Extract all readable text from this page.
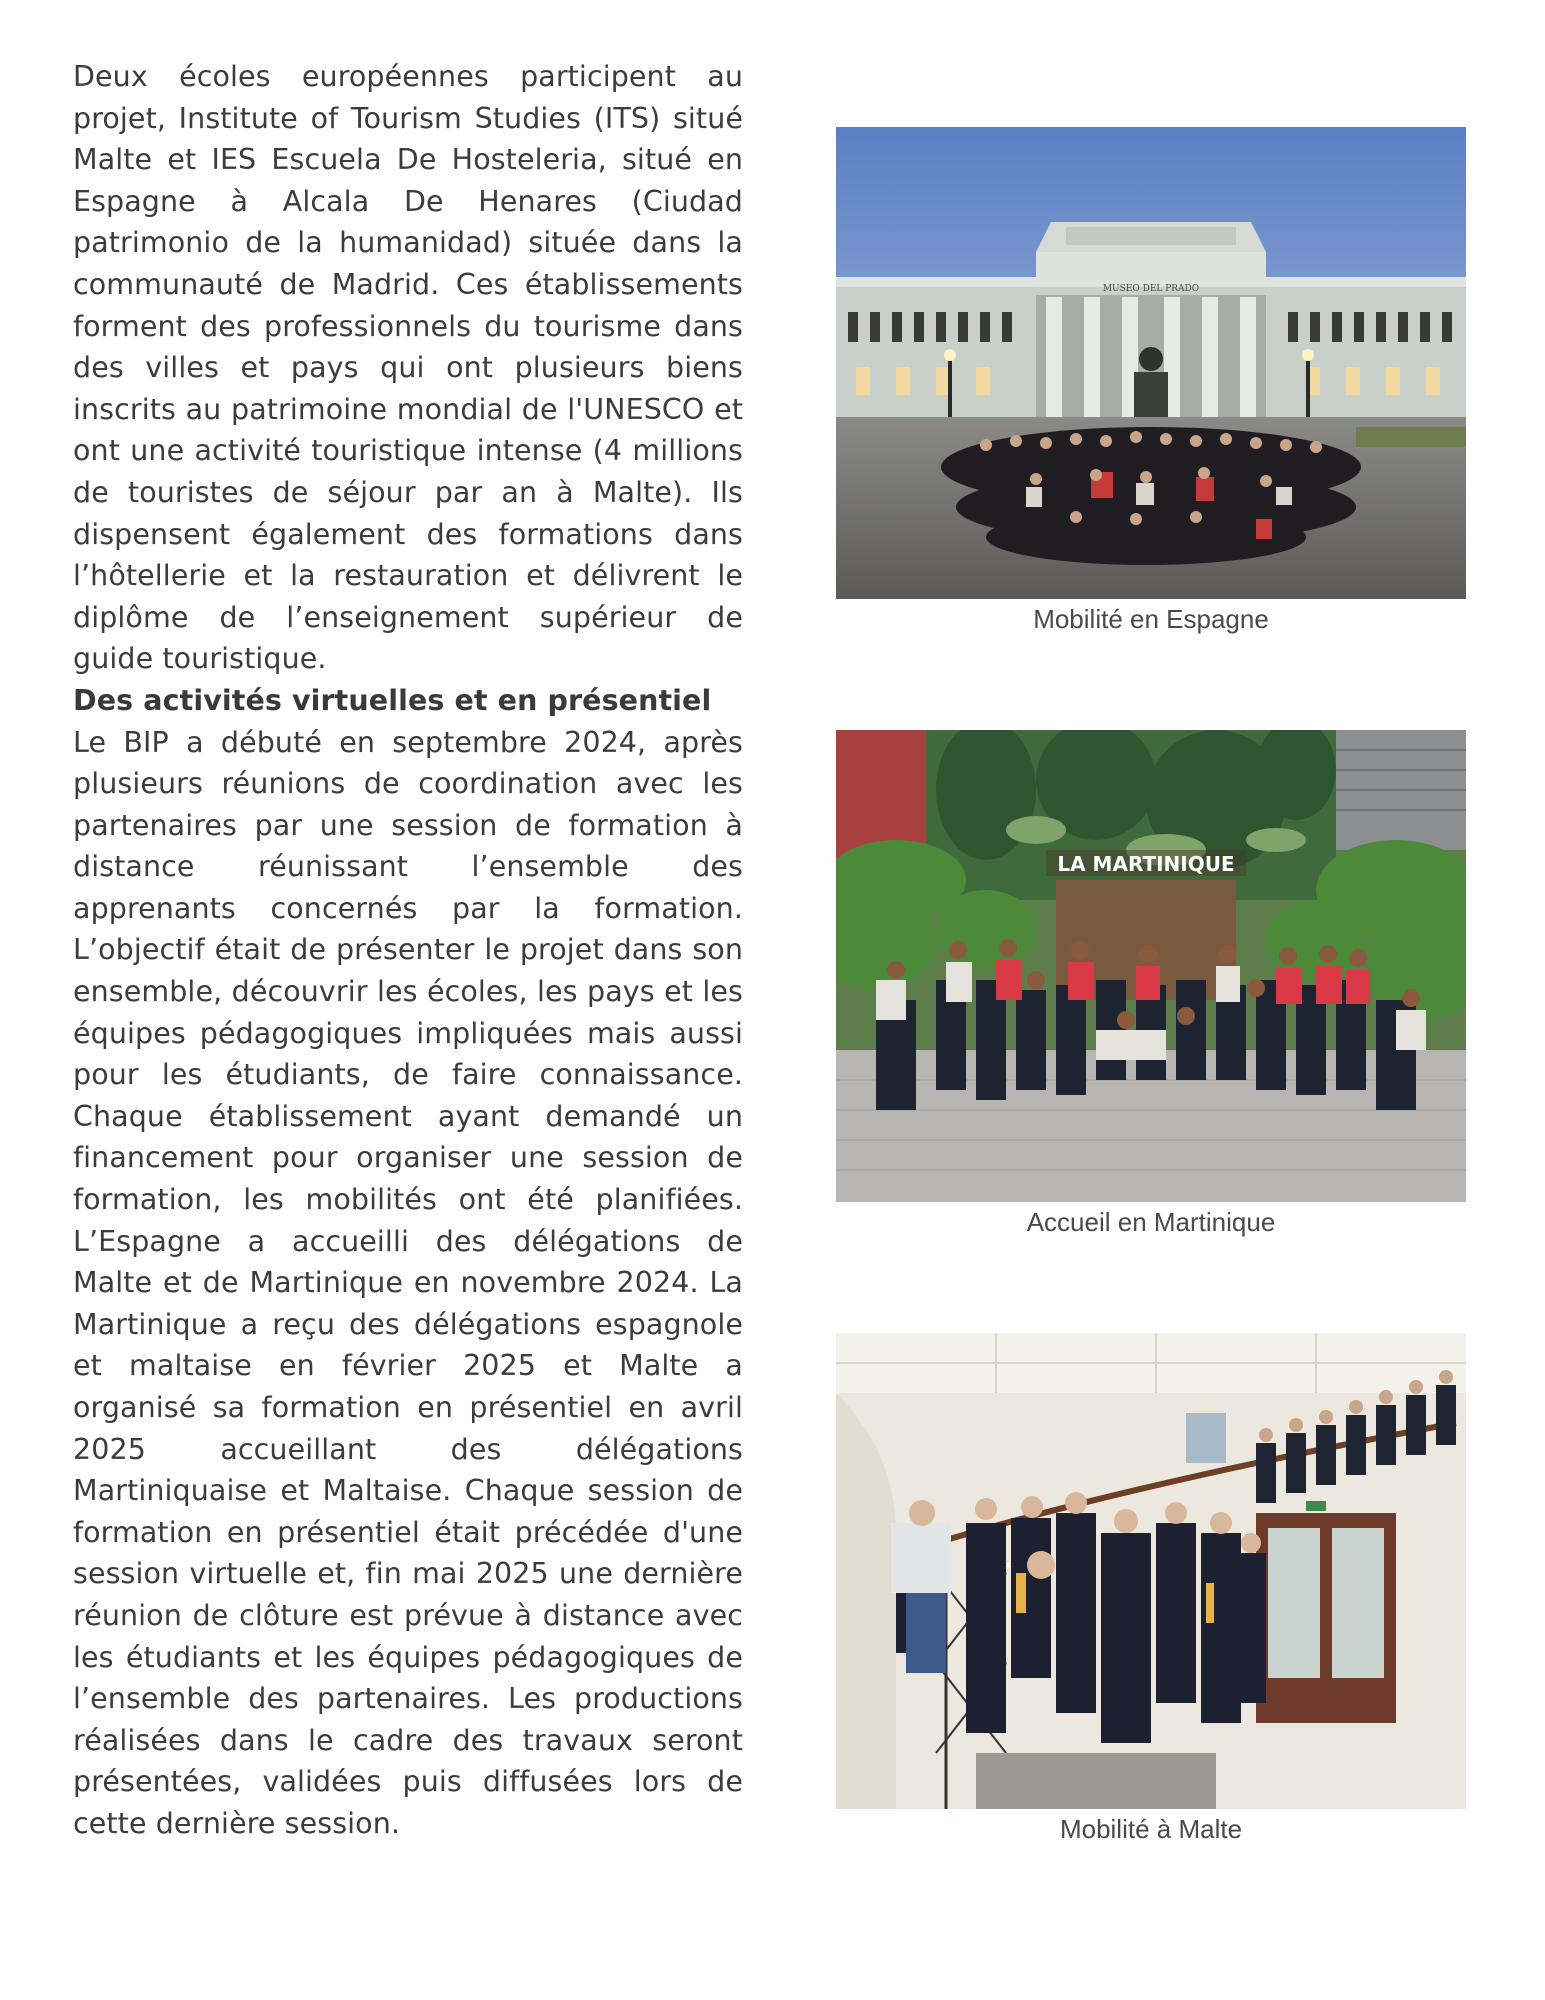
Deux écoles européennes participent au projet, Institute of Tourism Studies (ITS) situé Malte et IES Escuela De Hosteleria, situé en Espagne à Alcala De Henares (Ciudad patrimonio de la humanidad) située dans la communauté de Madrid. Ces établissements forment des professionnels du tourisme dans des villes et pays qui ont plusieurs biens inscrits au patrimoine mondial de l'UNESCO et ont une activité touristique intense (4 millions de touristes de séjour par an à Malte). Ils dispensent également des formations dans l’hôtellerie et la restauration et délivrent le diplôme de l’enseignement supérieur de guide touristique.

Des activités virtuelles et en présentiel

Le BIP a débuté en septembre 2024, après plusieurs réunions de coordination avec les partenaires par une session de formation à distance réunissant l’ensemble des apprenants concernés par la formation. L’objectif était de présenter le projet dans son ensemble, découvrir les écoles, les pays et les équipes pédagogiques impliquées mais aussi pour les étudiants, de faire connaissance. Chaque établissement ayant demandé un financement pour organiser une session de formation, les mobilités ont été planifiées. L’Espagne a accueilli des délégations de Malte et de Martinique en novembre 2024. La Martinique a reçu des délégations espagnole et maltaise en février 2025 et Malte a organisé sa formation en présentiel en avril 2025 accueillant des délégations Martiniquaise et Maltaise. Chaque session de formation en présentiel était précédée d'une session virtuelle et, fin mai 2025 une dernière réunion de clôture est prévue à distance avec les étudiants et les équipes pédagogiques de l’ensemble des partenaires. Les productions réalisées dans le cadre des travaux seront présentées, validées puis diffusées lors de cette dernière session.

MUSEO DEL PRADO
Mobilité en Espagne
LA MARTINIQUE
Accueil en Martinique
Mobilité à Malte
